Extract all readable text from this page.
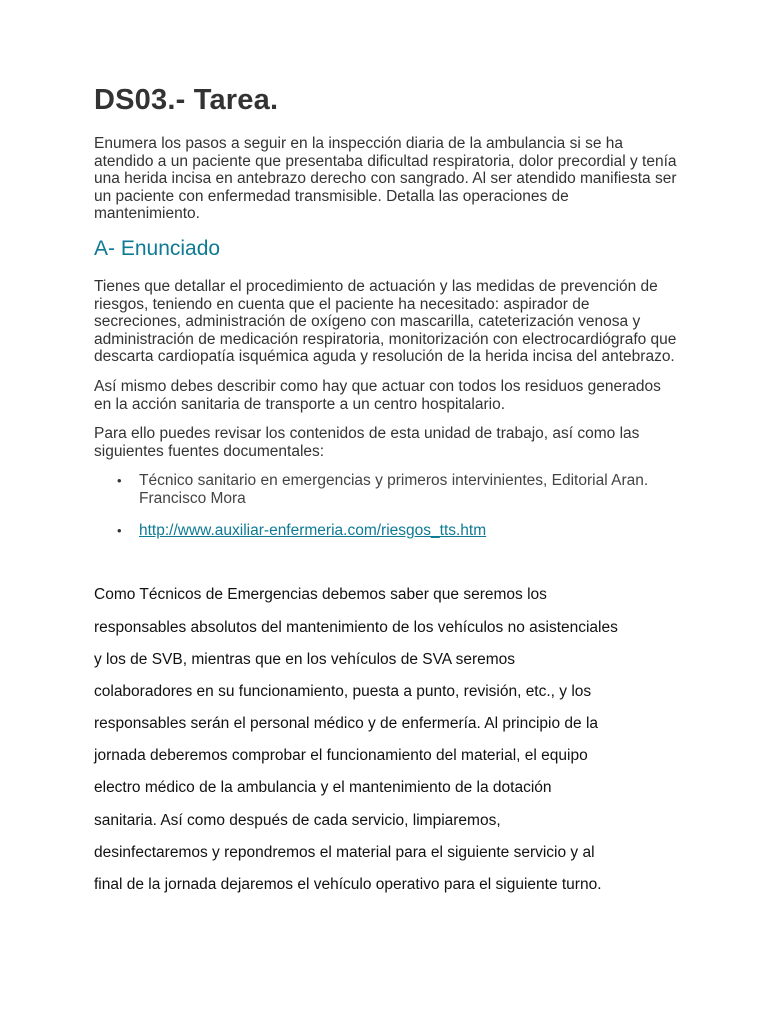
DS03.- Tarea.

Enumera los pasos a seguir en la inspección diaria de la ambulancia si se ha atendido a un paciente que presentaba dificultad respiratoria, dolor precordial y tenía una herida incisa en antebrazo derecho con sangrado. Al ser atendido manifiesta ser un paciente con enfermedad transmisible. Detalla las operaciones de mantenimiento.

A- Enunciado

Tienes que detallar el procedimiento de actuación y las medidas de prevención de riesgos, teniendo en cuenta que el paciente ha necesitado: aspirador de secreciones, administración de oxígeno con mascarilla, cateterización venosa y administración de medicación respiratoria, monitorización con electrocardiógrafo que descarta cardiopatía isquémica aguda y resolución de la herida incisa del antebrazo.

Así mismo debes describir como hay que actuar con todos los residuos generados en la acción sanitaria de transporte a un centro hospitalario.

Para ello puedes revisar los contenidos de esta unidad de trabajo, así como las siguientes fuentes documentales:

• Técnico sanitario en emergencias y primeros intervinientes, Editorial Aran. Francisco Mora
• http://www.auxiliar-enfermeria.com/riesgos_tts.htm
Como Técnicos de Emergencias debemos saber que seremos los
responsables absolutos del mantenimiento de los vehículos no asistenciales
y los de SVB, mientras que en los vehículos de SVA seremos
colaboradores en su funcionamiento, puesta a punto, revisión, etc., y los
responsables serán el personal médico y de enfermería. Al principio de la
jornada deberemos comprobar el funcionamiento del material, el equipo
electro médico de la ambulancia y el mantenimiento de la dotación
sanitaria. Así como después de cada servicio, limpiaremos,
desinfectaremos y repondremos el material para el siguiente servicio y al
final de la jornada dejaremos el vehículo operativo para el siguiente turno.
